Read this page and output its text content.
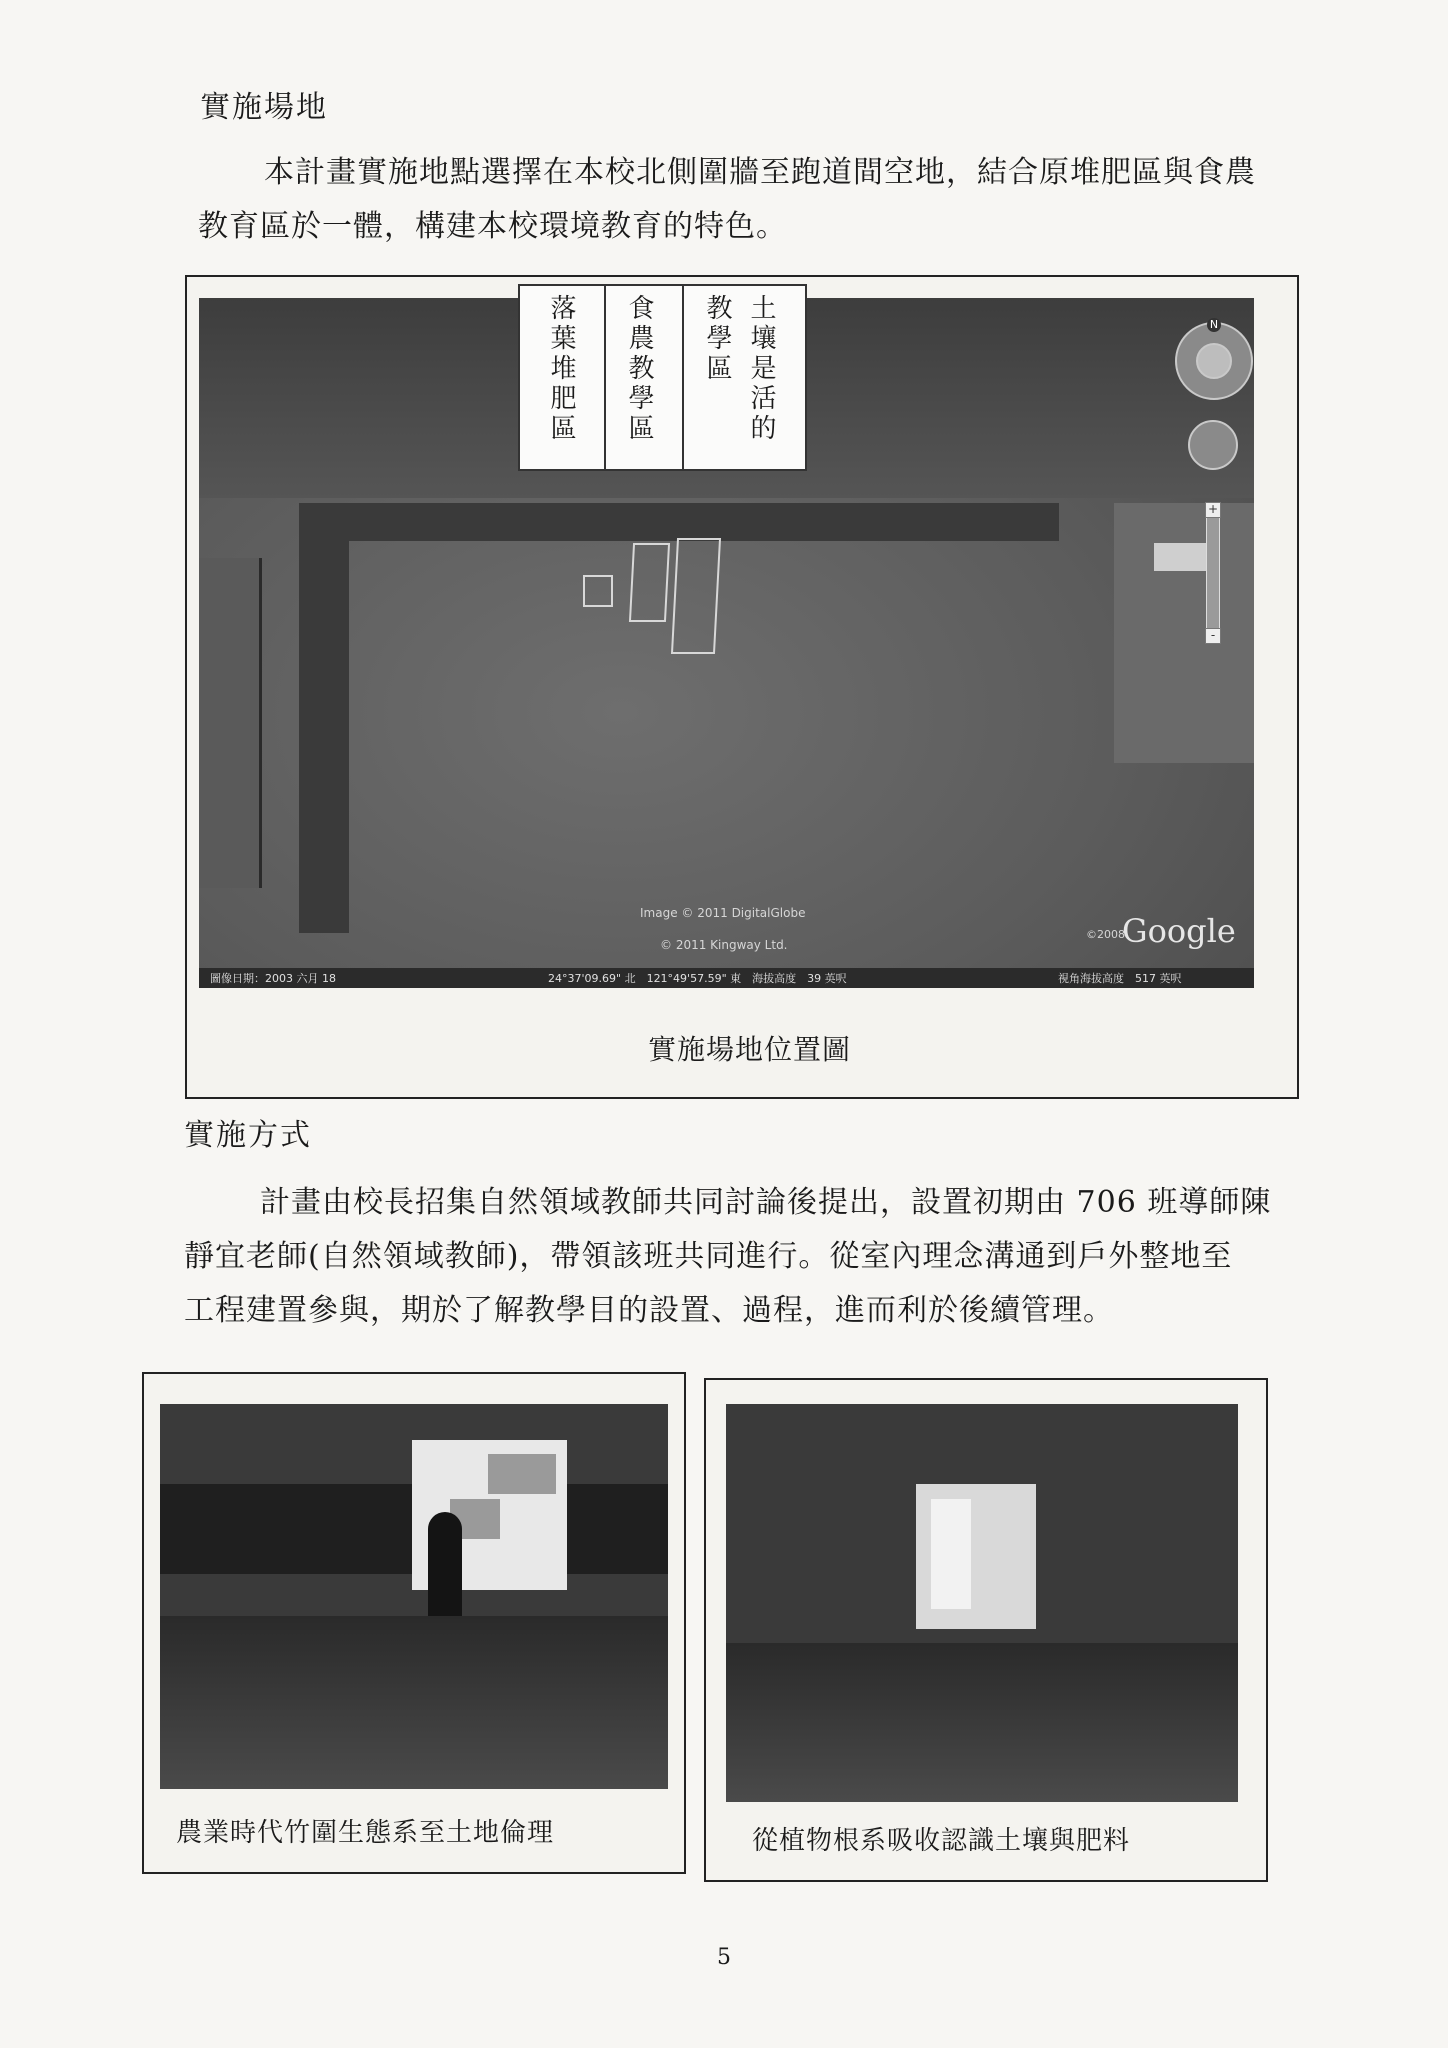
實施場地

本計畫實施地點選擇在本校北側圍牆至跑道間空地，結合原堆肥區與食農

教育區於一體，構建本校環境教育的特色。

N
+
-
Image © 2011 DigitalGlobe
© 2011 Kingway Ltd.
©2008
Google
圖像日期：2003 六月 18	24°37'09.69" 北　121°49'57.59" 東　海拔高度　39 英呎	視角海拔高度　517 英呎
落葉堆肥區 食農教學區 教學區 土壤是活的
實施場地位置圖
實施方式

計畫由校長招集自然領域教師共同討論後提出，設置初期由 706 班導師陳

靜宜老師(自然領域教師)，帶領該班共同進行。從室內理念溝通到戶外整地至

工程建置參與，期於了解教學目的設置、過程，進而利於後續管理。

農業時代竹圍生態系至土地倫理	從植物根系吸收認識土壤與肥料
5
